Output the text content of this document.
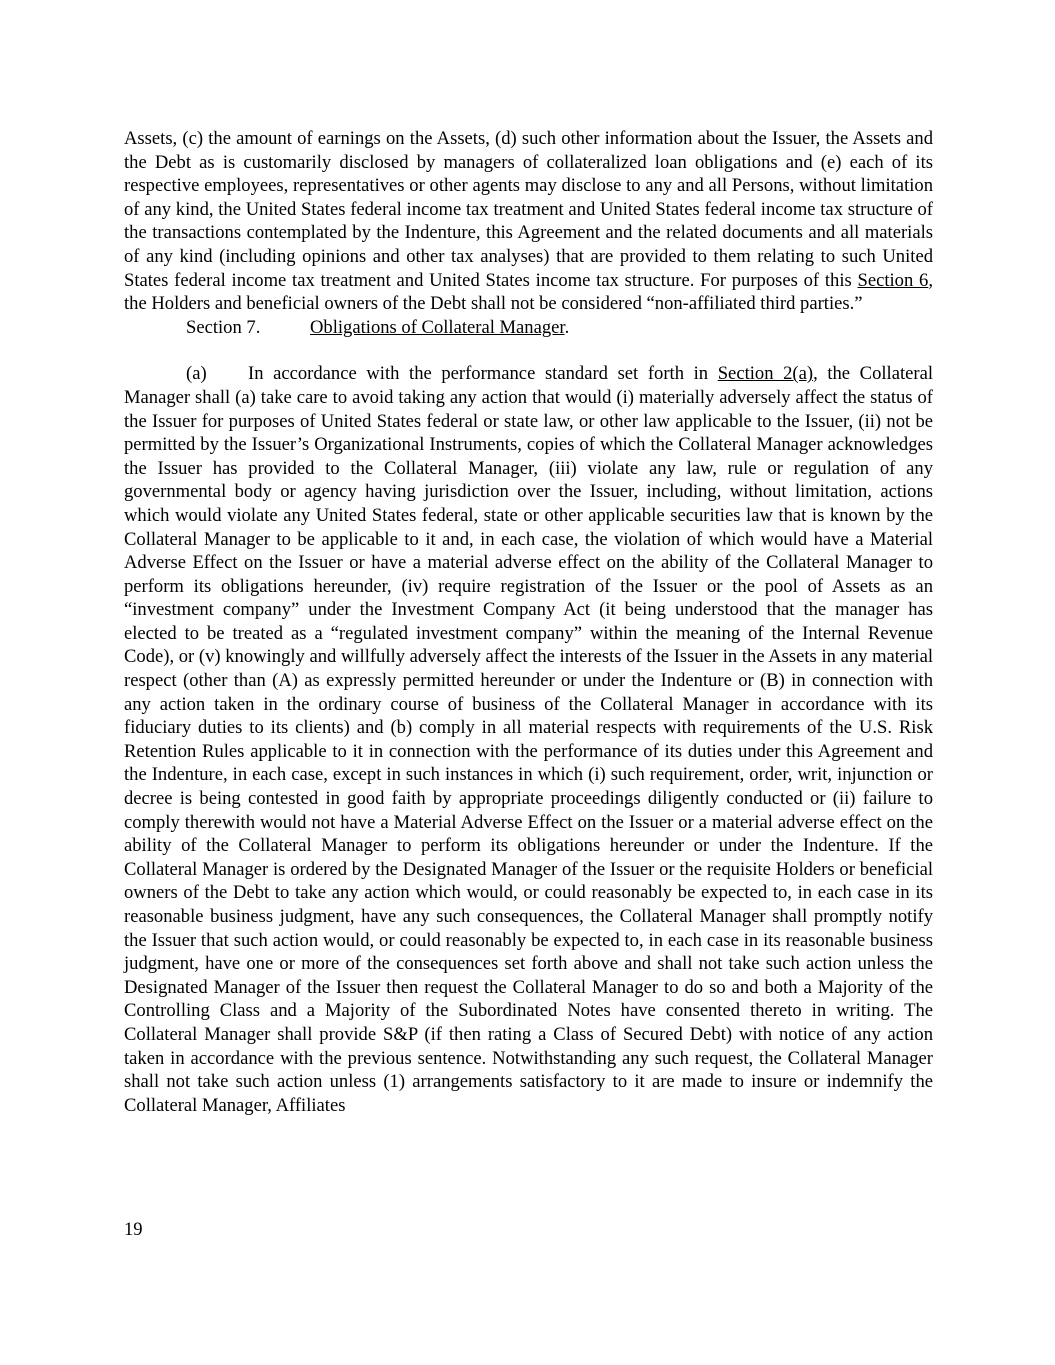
Assets, (c) the amount of earnings on the Assets, (d) such other information about the Issuer, the Assets and the Debt as is customarily disclosed by managers of collateralized loan obligations and (e) each of its respective employees, representatives or other agents may disclose to any and all Persons, without limitation of any kind, the United States federal income tax treatment and United States federal income tax structure of the transactions contemplated by the Indenture, this Agreement and the related documents and all materials of any kind (including opinions and other tax analyses) that are provided to them relating to such United States federal income tax treatment and United States income tax structure. For purposes of this Section 6, the Holders and beneficial owners of the Debt shall not be considered “non-affiliated third parties.”

Section 7.	Obligations of Collateral Manager.

(a) In accordance with the performance standard set forth in Section 2(a), the Collateral Manager shall (a) take care to avoid taking any action that would (i) materially adversely affect the status of the Issuer for purposes of United States federal or state law, or other law applicable to the Issuer, (ii) not be permitted by the Issuer’s Organizational Instruments, copies of which the Collateral Manager acknowledges the Issuer has provided to the Collateral Manager, (iii) violate any law, rule or regulation of any governmental body or agency having jurisdiction over the Issuer, including, without limitation, actions which would violate any United States federal, state or other applicable securities law that is known by the Collateral Manager to be applicable to it and, in each case, the violation of which would have a Material Adverse Effect on the Issuer or have a material adverse effect on the ability of the Collateral Manager to perform its obligations hereunder, (iv) require registration of the Issuer or the pool of Assets as an “investment company” under the Investment Company Act (it being understood that the manager has elected to be treated as a “regulated investment company” within the meaning of the Internal Revenue Code), or (v) knowingly and willfully adversely affect the interests of the Issuer in the Assets in any material respect (other than (A) as expressly permitted hereunder or under the Indenture or (B) in connection with any action taken in the ordinary course of business of the Collateral Manager in accordance with its fiduciary duties to its clients) and (b) comply in all material respects with requirements of the U.S. Risk Retention Rules applicable to it in connection with the performance of its duties under this Agreement and the Indenture, in each case, except in such instances in which (i) such requirement, order, writ, injunction or decree is being contested in good faith by appropriate proceedings diligently conducted or (ii) failure to comply therewith would not have a Material Adverse Effect on the Issuer or a material adverse effect on the ability of the Collateral Manager to perform its obligations hereunder or under the Indenture. If the Collateral Manager is ordered by the Designated Manager of the Issuer or the requisite Holders or beneficial owners of the Debt to take any action which would, or could reasonably be expected to, in each case in its reasonable business judgment, have any such consequences, the Collateral Manager shall promptly notify the Issuer that such action would, or could reasonably be expected to, in each case in its reasonable business judgment, have one or more of the consequences set forth above and shall not take such action unless the Designated Manager of the Issuer then request the Collateral Manager to do so and both a Majority of the Controlling Class and a Majority of the Subordinated Notes have consented thereto in writing. The Collateral Manager shall provide S&P (if then rating a Class of Secured Debt) with notice of any action taken in accordance with the previous sentence. Notwithstanding any such request, the Collateral Manager shall not take such action unless (1) arrangements satisfactory to it are made to insure or indemnify the Collateral Manager, Affiliates

19
